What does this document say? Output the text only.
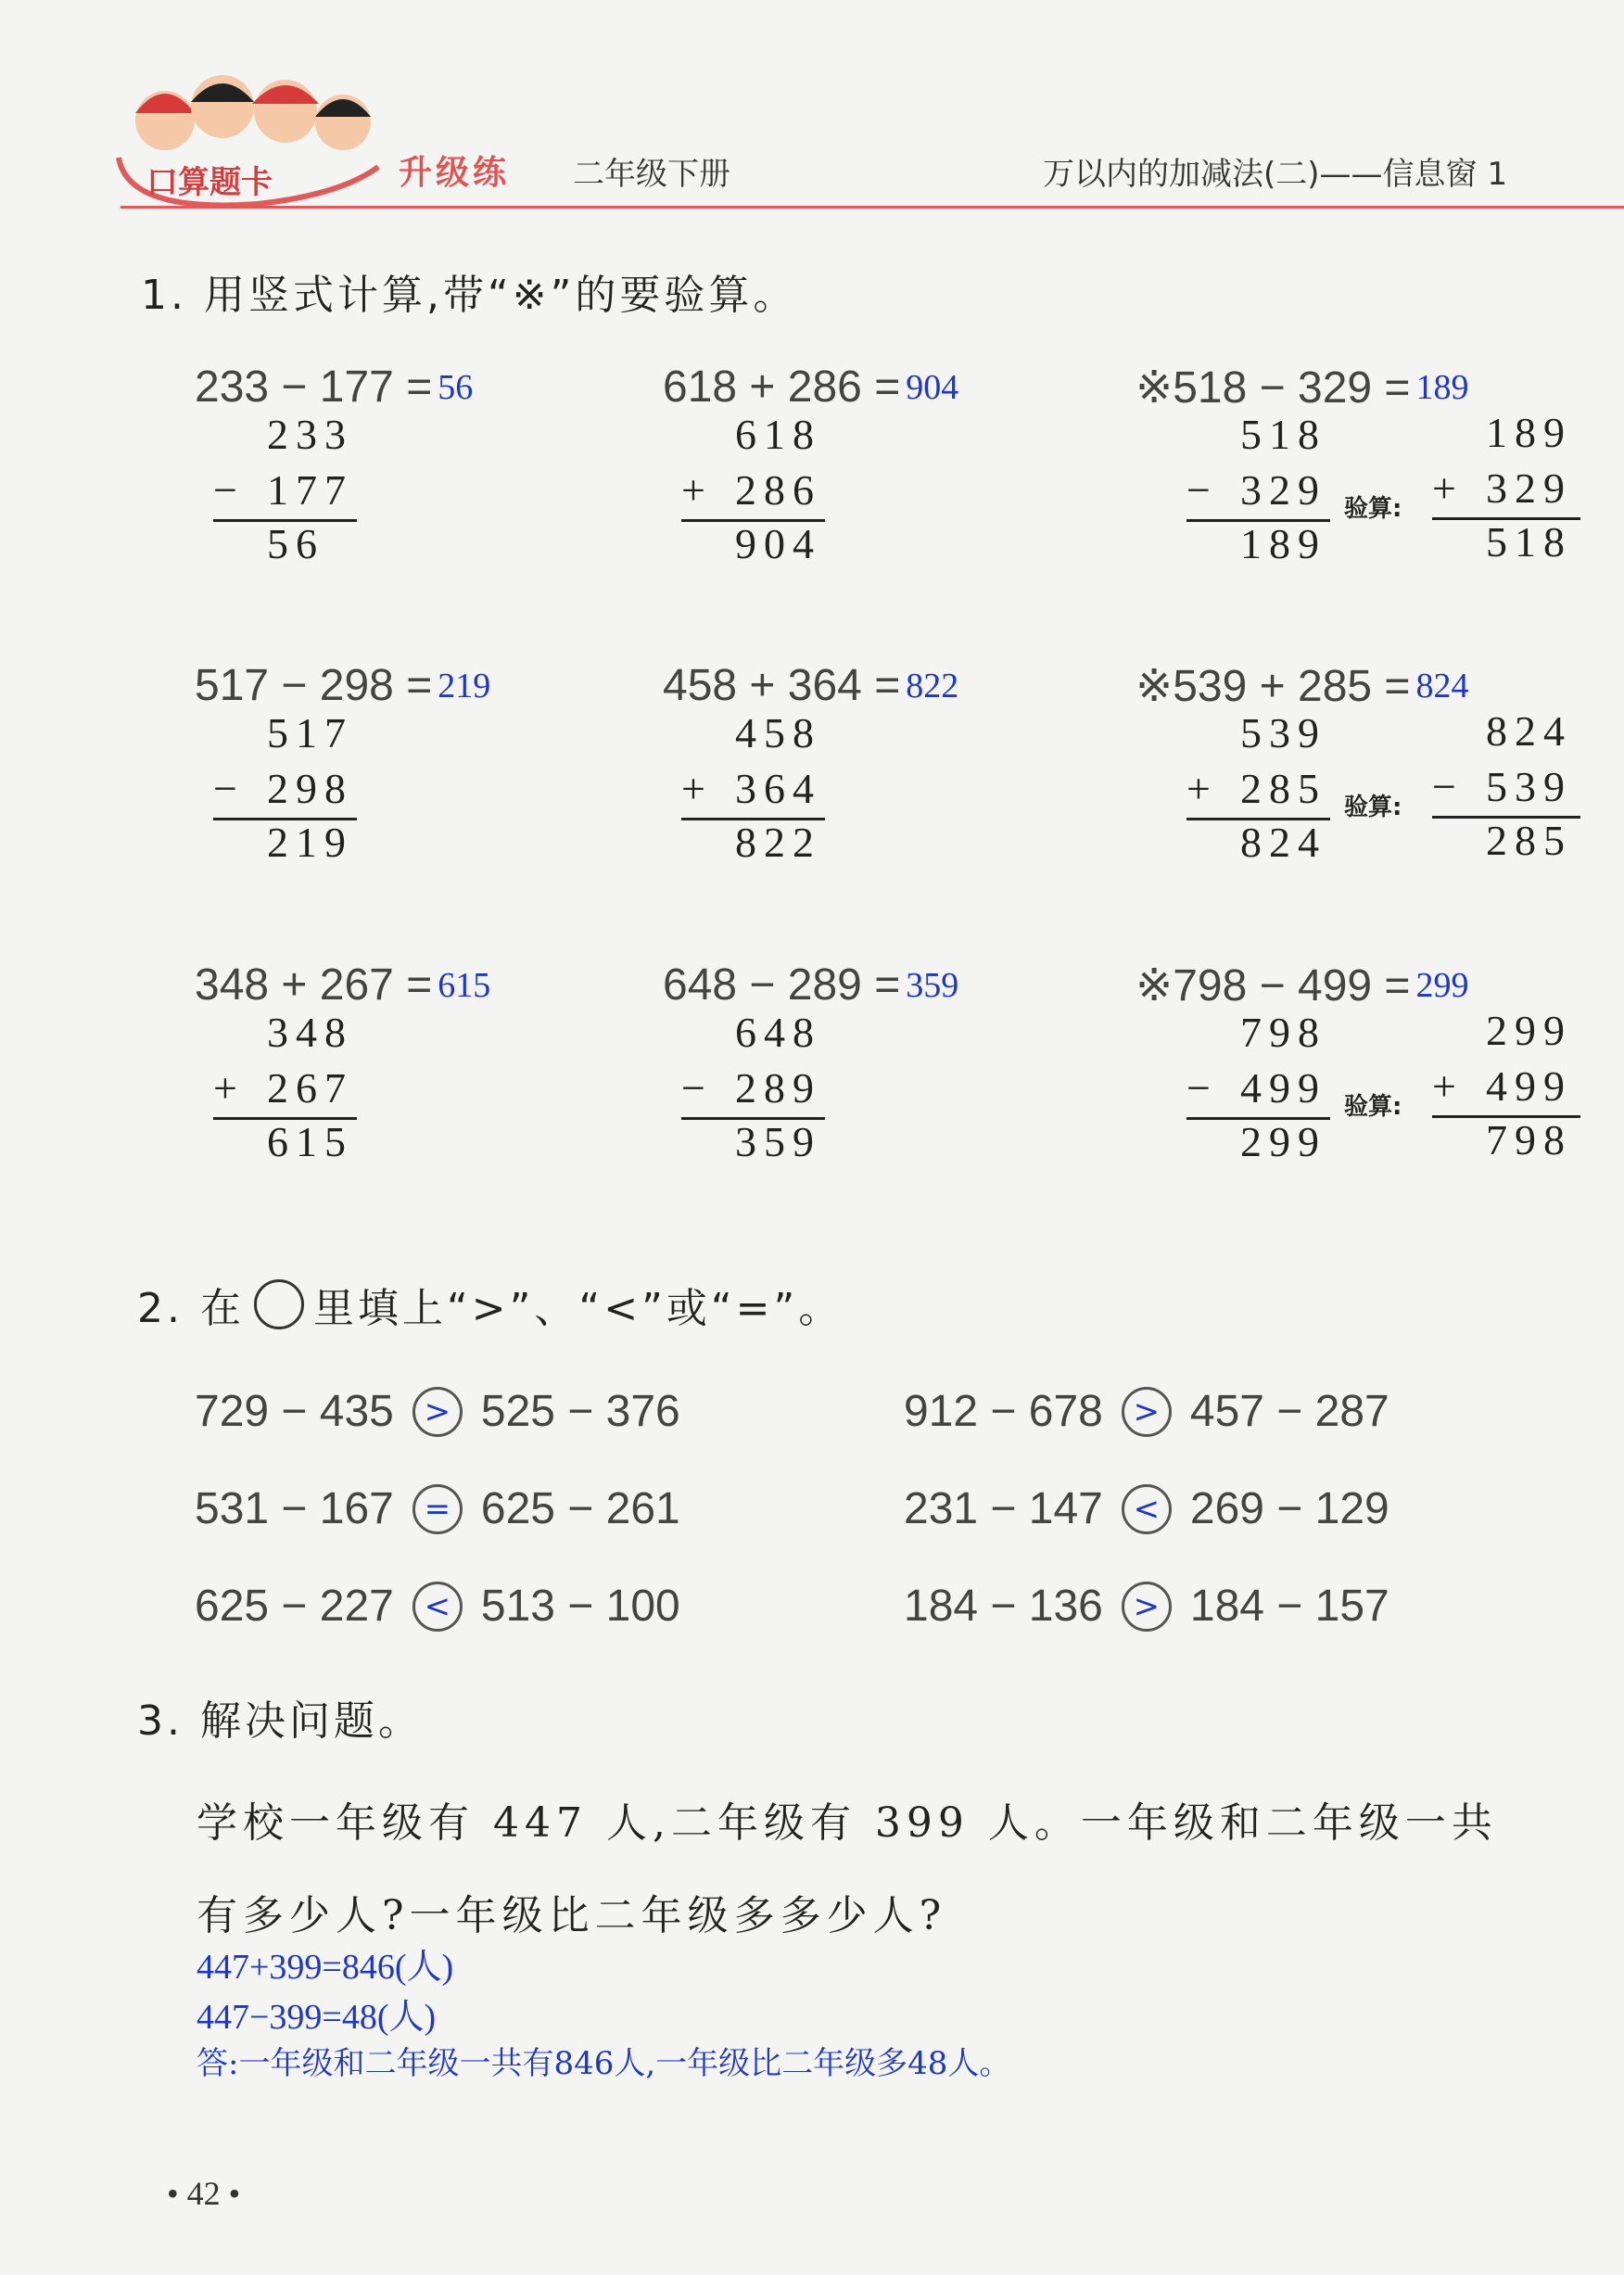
口算题卡	升级练 二年级下册	万以内的加减法(二)——信息窗 1
1. 用竖式计算,带“※”的要验算。
233 − 177 = 56
233
− 177
56
618 + 286 = 904
618
+ 286
904
※518 − 329 = 189
518
− 329
189
验算:
189
+ 329
518
517 − 298 = 219
517
− 298
219
458 + 364 = 822
458
+ 364
822
※539 + 285 = 824
539
+ 285
824
验算:
824
− 539
285
348 + 267 = 615
348
+ 267
615
648 − 289 = 359
648
− 289
359
※798 − 499 = 299
798
− 499
299
验算:
299
+ 499
798
2. 在 里填上“>”、“<”或“=”。
729 − 435 > 525 − 376	912 − 678 > 457 − 287
531 − 167 = 625 − 261	231 − 147 < 269 − 129
625 − 227 < 513 − 100	184 − 136 > 184 − 157
3. 解决问题。
学校一年级有 447 人,二年级有 399 人。一年级和二年级一共
有多少人?一年级比二年级多多少人?
447+399=846(人)
447−399=48(人)
答:一年级和二年级一共有846人,一年级比二年级多48人。
• 42 •
